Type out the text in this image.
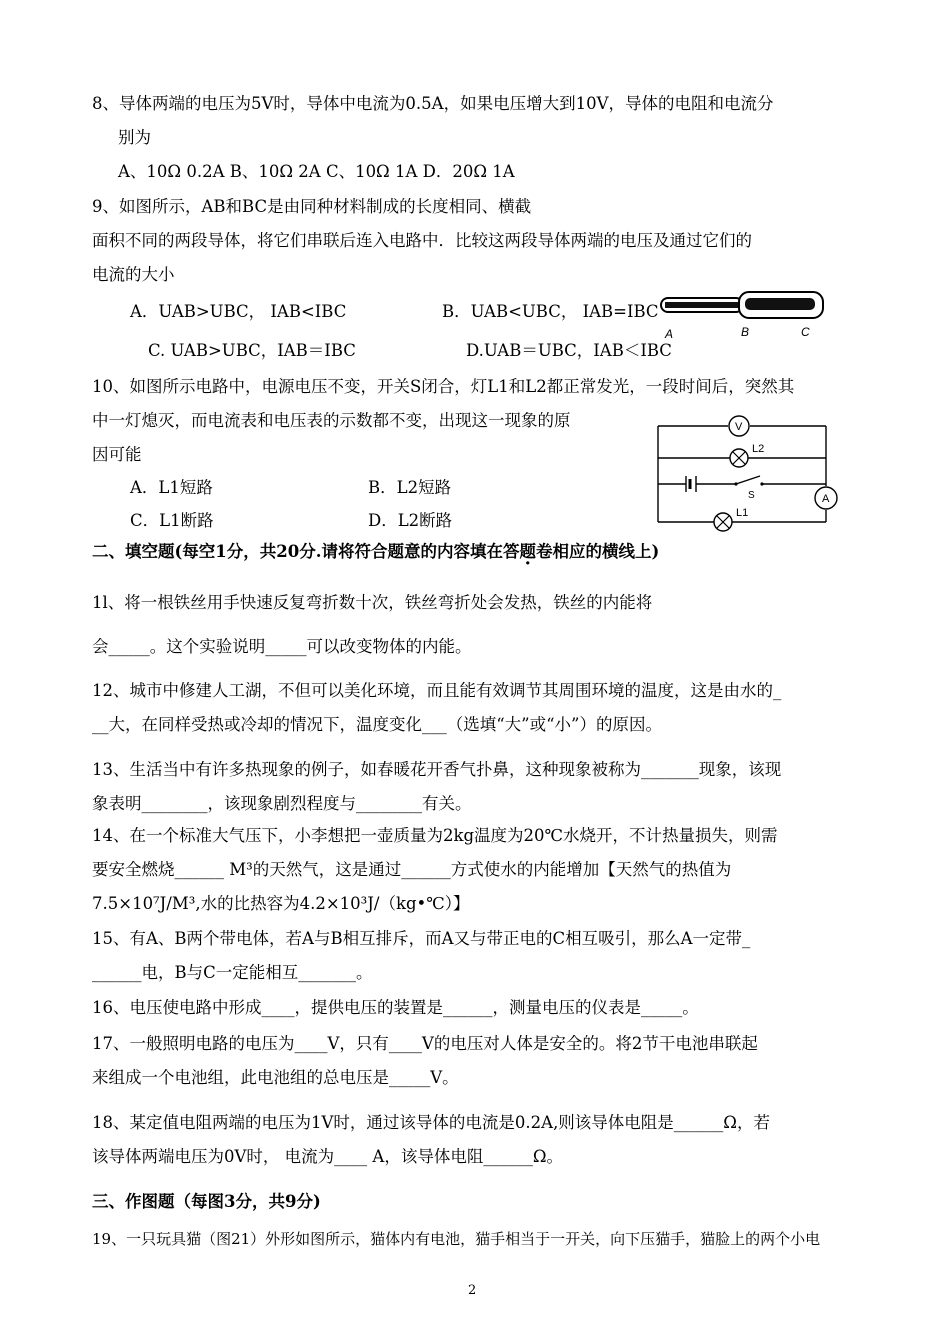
8、导体两端的电压为5V时，导体中电流为0.5A，如果电压增大到10V，导体的电阻和电流分
别为
A、10Ω 0.2A B、10Ω 2A C、10Ω 1A D．20Ω 1A
9、如图所示，AB和BC是由同种材料制成的长度相同、横截
面积不同的两段导体，将它们串联后连入电路中．比较这两段导体两端的电压及通过它们的
电流的大小
A．UAB>UBC， IAB<IBC	B．UAB<UBC， IAB=IBC
C. UAB>UBC，IAB＝IBC	D.UAB＝UBC，IAB＜IBC
A	B	C
10、如图所示电路中，电源电压不变，开关S闭合，灯L1和L2都正常发光，一段时间后，突然其
中一灯熄灭，而电流表和电压表的示数都不变，出现这一现象的原
因可能
A．L1短路	B．L2短路
C．L1断路	D．L2断路
V
L2
S	A
L1
二、填空题(每空1分，共20分.请将符合题意的内容填在答题卷相应的横线上)
1l、将一根铁丝用手快速反复弯折数十次，铁丝弯折处会发热，铁丝的内能将
会_____。这个实验说明_____可以改变物体的内能。
12、城市中修建人工湖，不但可以美化环境，而且能有效调节其周围环境的温度，这是由水的_
__大，在同样受热或冷却的情况下，温度变化___（选填“大”或“小”）的原因。
13、生活当中有许多热现象的例子，如春暖花开香气扑鼻，这种现象被称为_______现象，该现
象表明________，该现象剧烈程度与________有关。
14、在一个标准大气压下，小李想把一壶质量为2kg温度为20℃水烧开，不计热量损失，则需
要安全燃烧______ M³的天然气，这是通过______方式使水的内能增加【天然气的热值为
7.5×10⁷J/M³,水的比热容为4.2×10³J/（kg•℃）】
15、有A、B两个带电体，若A与B相互排斥，而A又与带正电的C相互吸引，那么A一定带_
______电，B与C一定能相互_______。
16、电压使电路中形成____，提供电压的装置是______，测量电压的仪表是_____。
17、一般照明电路的电压为____V，只有____V的电压对人体是安全的。将2节干电池串联起
来组成一个电池组，此电池组的总电压是_____V。
18、某定值电阻两端的电压为1V时，通过该导体的电流是0.2A,则该导体电阻是______Ω，若
该导体两端电压为0V时， 电流为____ A，该导体电阻______Ω。
三、作图题（每图3分，共9分)
19、一只玩具猫（图21）外形如图所示，猫体内有电池，猫手相当于一开关，向下压猫手，猫脸上的两个小电
2
